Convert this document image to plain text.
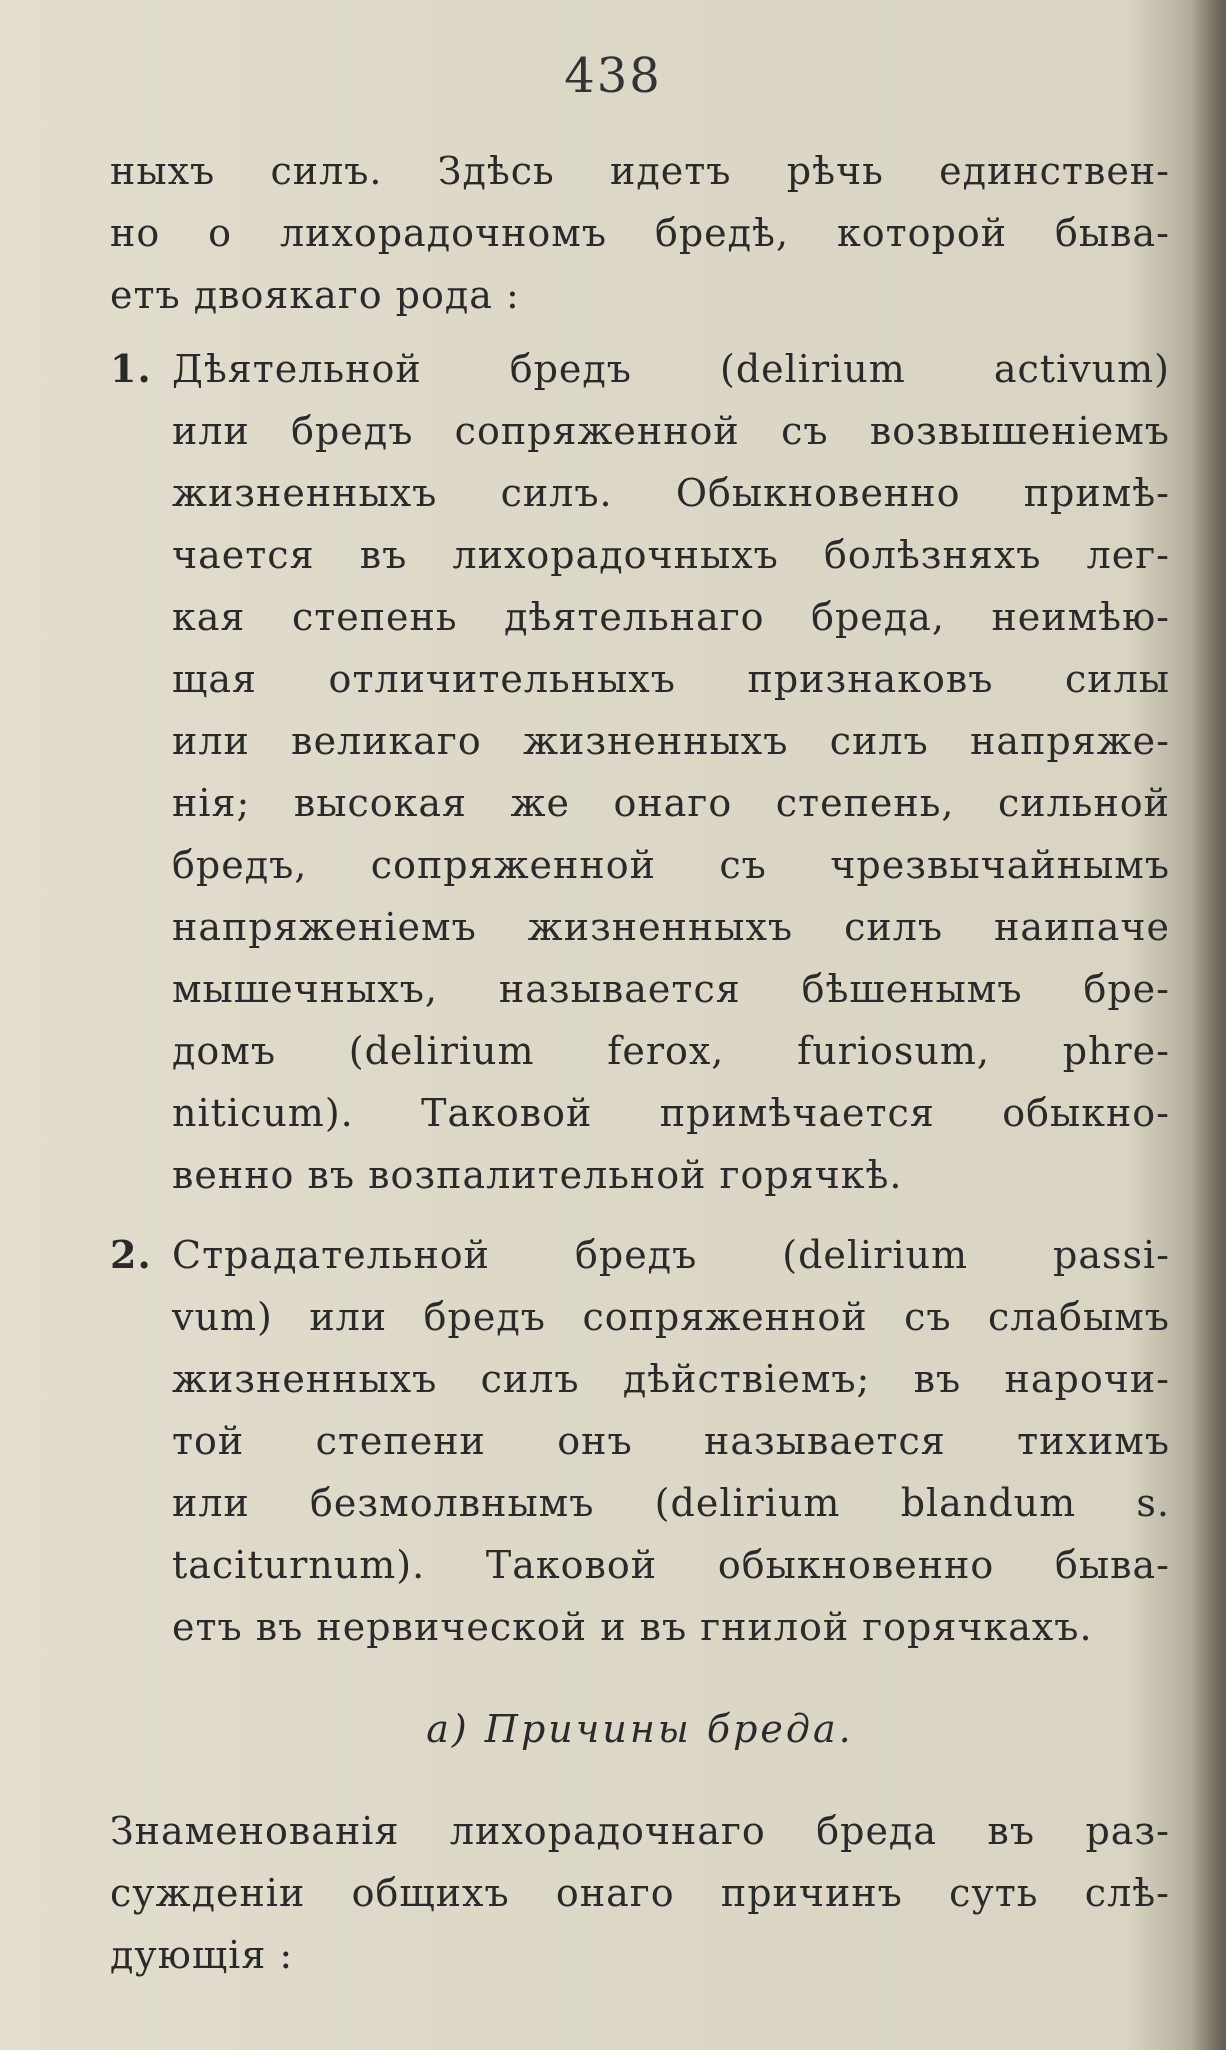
438
ныхъ силъ. Здѣсь идетъ рѣчь единствен-
но о лихорадочномъ бредѣ, которой быва-
етъ двоякаго рода :
1. Дѣятельной бредъ (delirium activum)
или бредъ сопряженной съ возвышеніемъ
жизненныхъ силъ. Обыкновенно примѣ-
чается въ лихорадочныхъ болѣзняхъ лег-
кая степень дѣятельнаго бреда, неимѣю-
щая отличительныхъ признаковъ силы
или великаго жизненныхъ силъ напряже-
нія; высокая же онаго степень, сильной
бредъ, сопряженной съ чрезвычайнымъ
напряженіемъ жизненныхъ силъ наипаче
мышечныхъ, называется бѣшенымъ бре-
домъ (delirium ferox, furiosum, phre-
niticum). Таковой примѣчается обыкно-
венно въ возпалительной горячкѣ.
2. Страдательной бредъ (delirium passi-
vum) или бредъ сопряженной съ слабымъ
жизненныхъ силъ дѣйствіемъ; въ нарочи-
той степени онъ называется тихимъ
или безмолвнымъ (delirium blandum s.
taciturnum). Таковой обыкновенно быва-
етъ въ нервической и въ гнилой горячкахъ.
а) Причины бреда.
Знаменованія лихорадочнаго бреда въ раз-
сужденіи общихъ онаго причинъ суть слѣ-
дующія :
